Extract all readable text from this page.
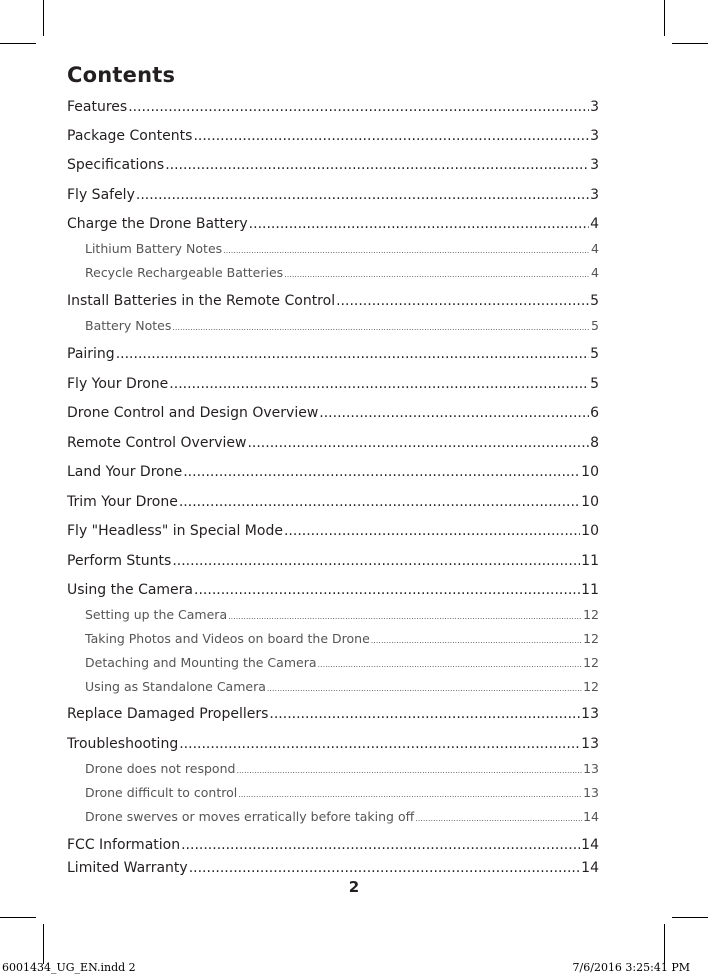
Contents
Features .....	3
Package Contents .....	3
Specifications .....	3
Fly Safely .....	3
Charge the Drone Battery .....	4
Lithium Battery Notes .....	4
Recycle Rechargeable Batteries .....	4
Install Batteries in the Remote Control .....	5
Battery Notes .....	5
Pairing .....	5
Fly Your Drone .....	5
Drone Control and Design Overview .....	6
Remote Control Overview .....	8
Land Your Drone .....	10
Trim Your Drone .....	10
Fly "Headless" in Special Mode .....	10
Perform Stunts .....	11
Using the Camera .....	11
Setting up the Camera .....	12
Taking Photos and Videos on board the Drone .....	12
Detaching and Mounting the Camera .....	12
Using as Standalone Camera .....	12
Replace Damaged Propellers .....	13
Troubleshooting .....	13
Drone does not respond .....	13
Drone difficult to control .....	13
Drone swerves or moves erratically before taking off .....	14
FCC Information .....	14
Limited Warranty .....	14
2
6001434_UG_EN.indd 2	7/6/2016 3:25:41 PM
